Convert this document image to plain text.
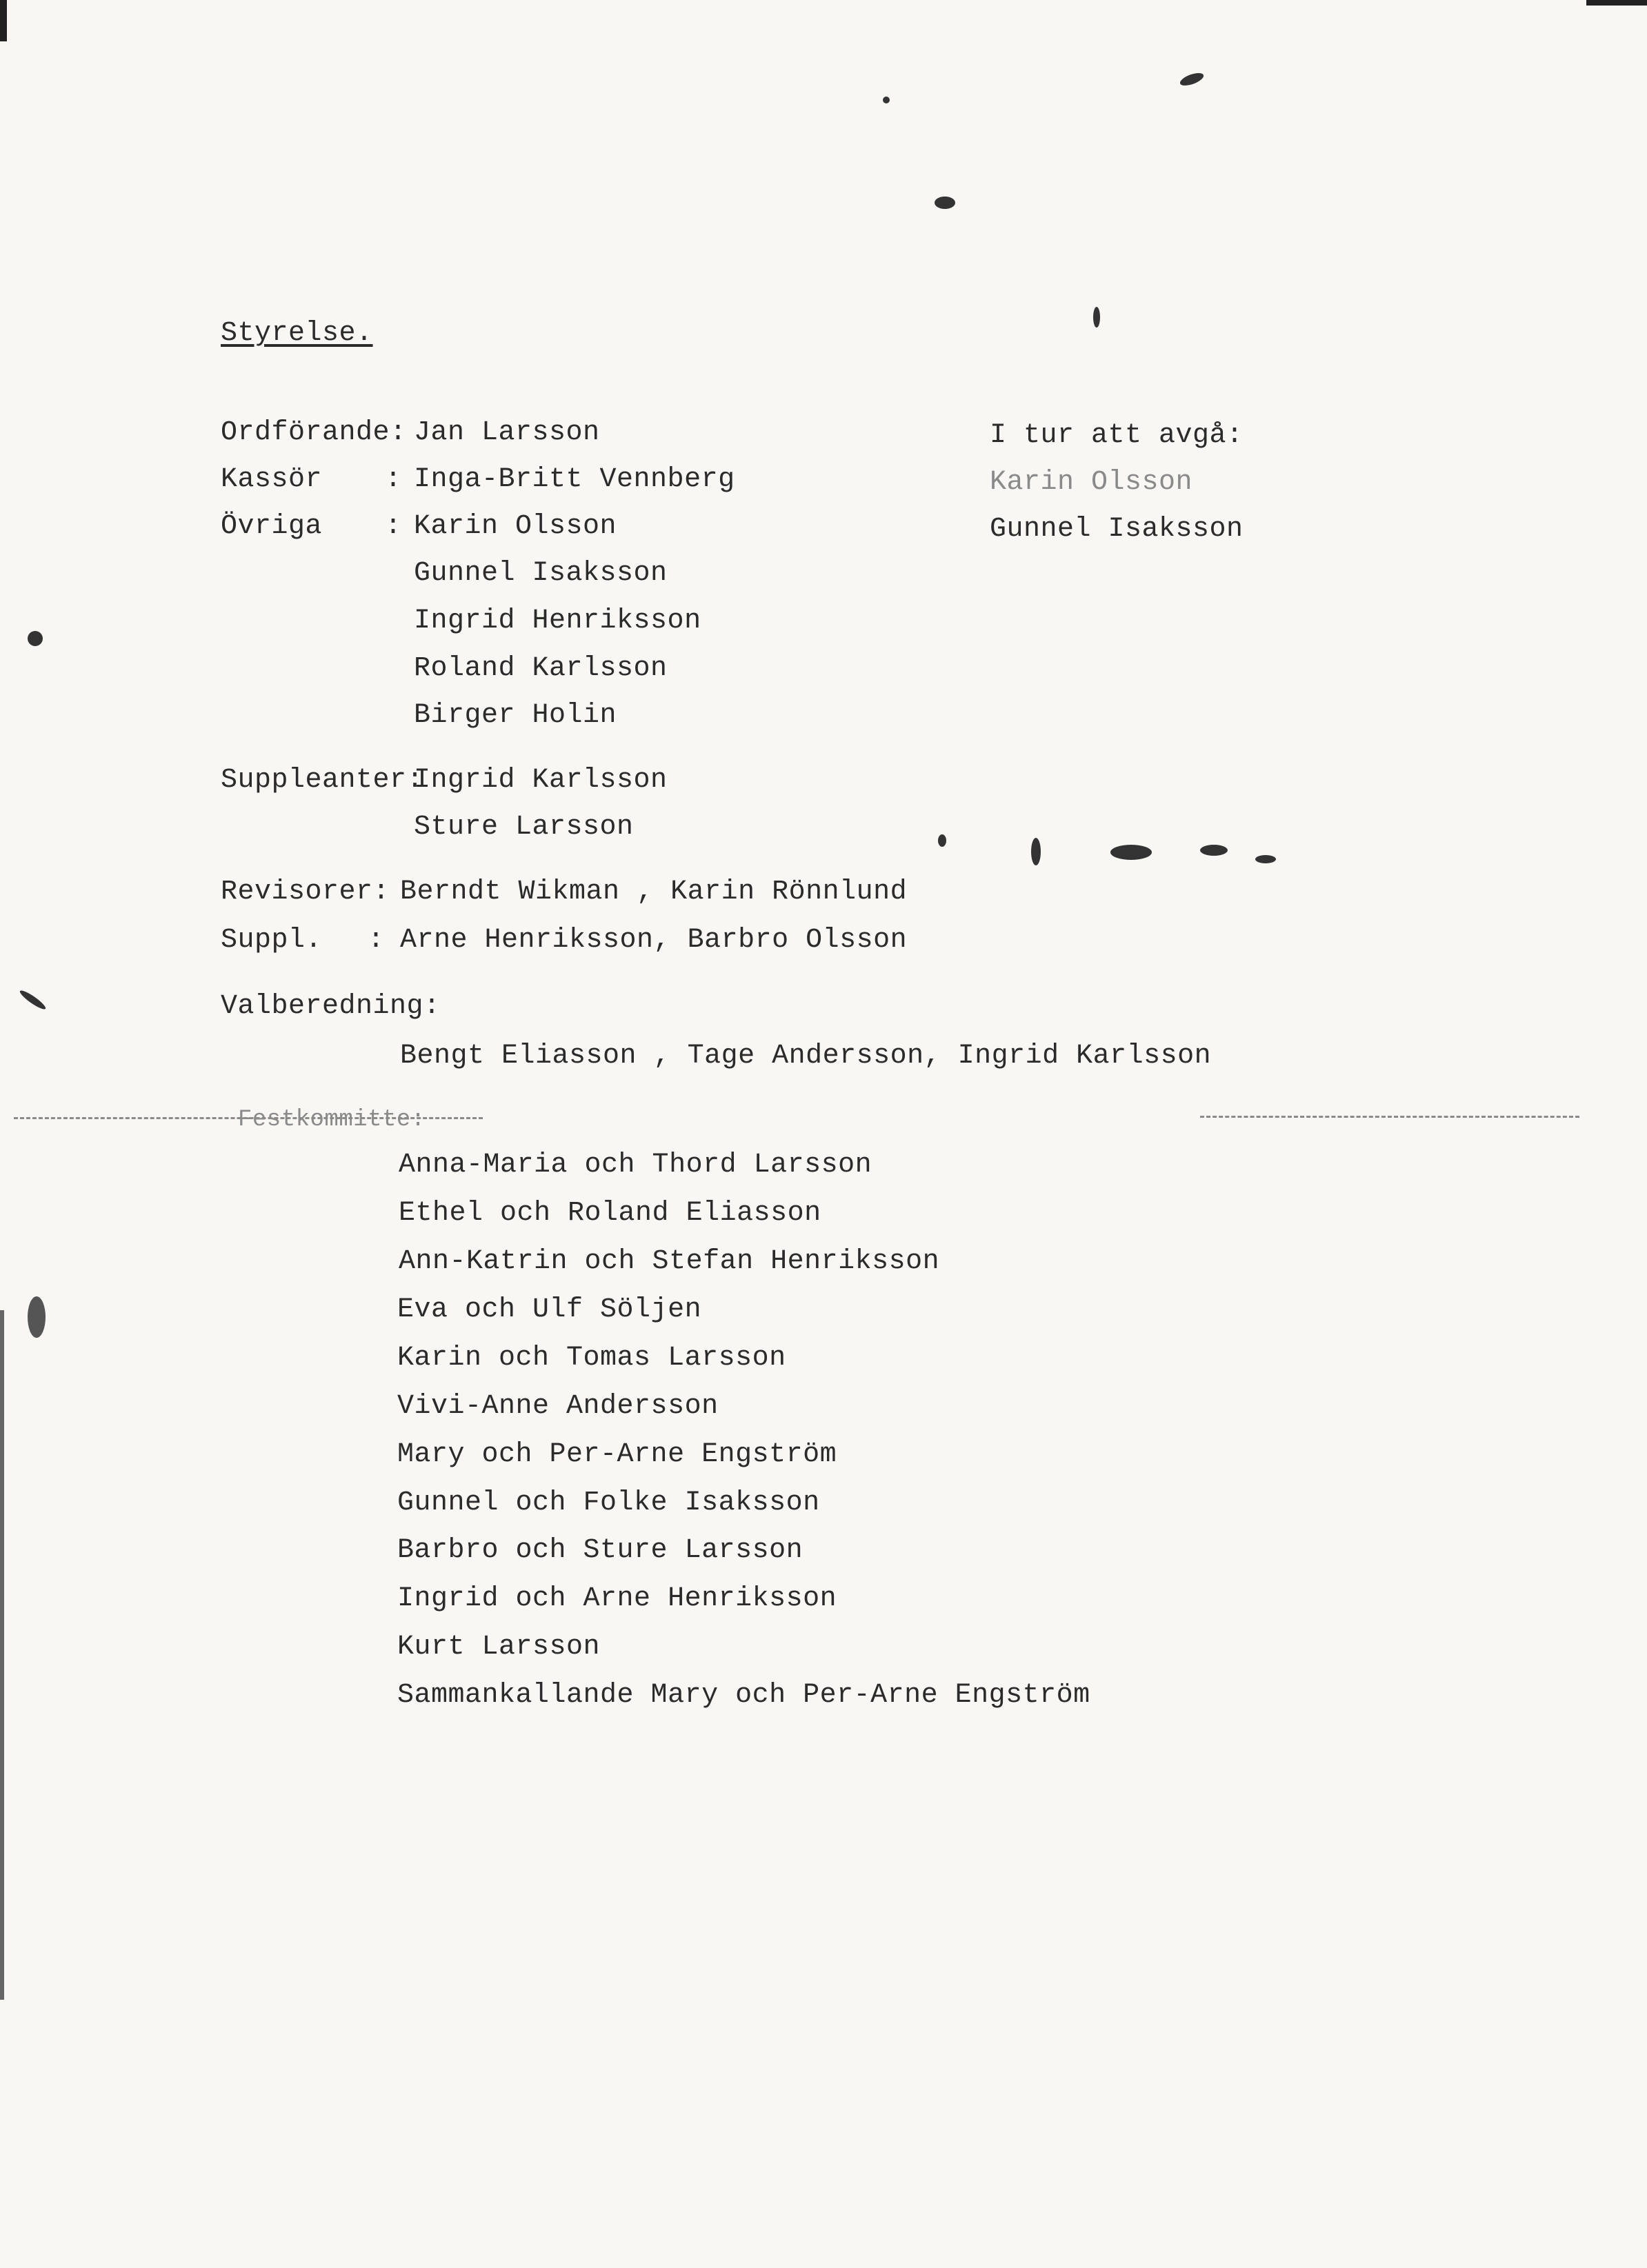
Styrelse.
Ordförande: Jan Larsson
Kassör : Inga-Britt Vennberg
Övriga : Karin Olsson
Gunnel Isaksson
Ingrid Henriksson
Roland Karlsson
Birger Holin
I tur att avgå:
Karin Olsson
Gunnel Isaksson
Suppleanter:
Ingrid Karlsson
Sture Larsson
Revisorer: Berndt Wikman , Karin Rönnlund
Suppl. : Arne Henriksson, Barbro Olsson
Valberedning:
Bengt Eliasson , Tage Andersson, Ingrid Karlsson
Festkommitte:
Anna-Maria och Thord Larsson
Ethel och Roland Eliasson
Ann-Katrin och Stefan Henriksson
Eva och Ulf Söljen
Karin och Tomas Larsson
Vivi-Anne Andersson
Mary och Per-Arne Engström
Gunnel och Folke Isaksson
Barbro och Sture Larsson
Ingrid och Arne Henriksson
Kurt Larsson
Sammankallande Mary och Per-Arne Engström
